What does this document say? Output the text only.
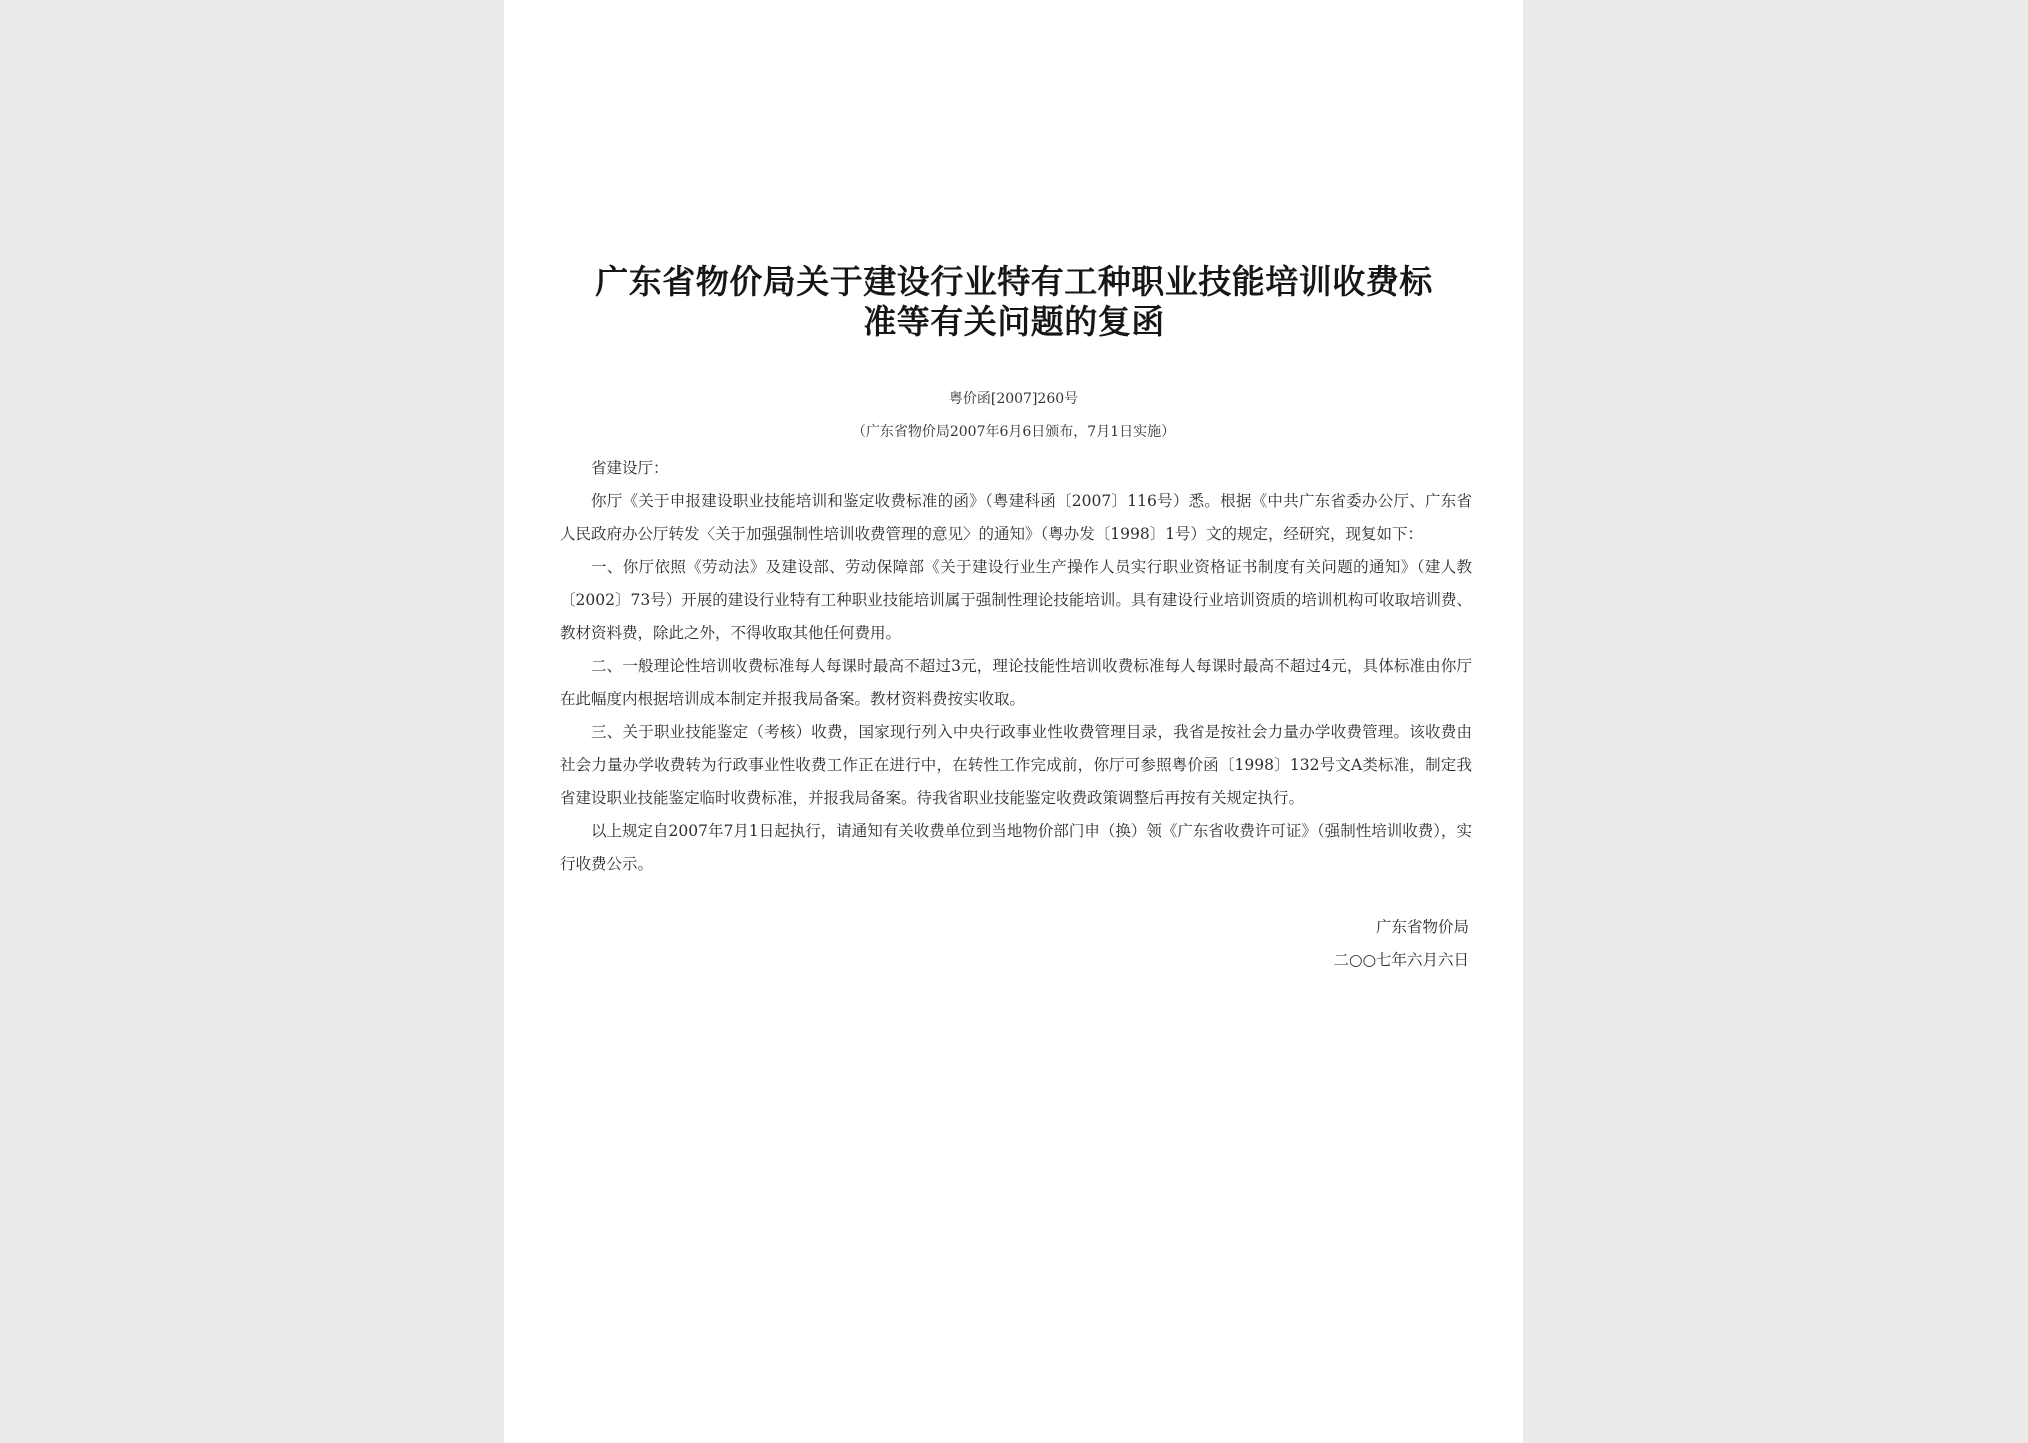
广东省物价局关于建设行业特有工种职业技能培训收费标准等有关问题的复函
粤价函[2007]260号
（广东省物价局2007年6月6日颁布，7月1日实施）

省建设厅：

你厅《关于申报建设职业技能培训和鉴定收费标准的函》（粤建科函〔2007〕116号）悉。根据《中共广东省委办公厅、广东省人民政府办公厅转发〈关于加强强制性培训收费管理的意见〉的通知》（粤办发〔1998〕1号）文的规定，经研究，现复如下：

一、你厅依照《劳动法》及建设部、劳动保障部《关于建设行业生产操作人员实行职业资格证书制度有关问题的通知》（建人教〔2002〕73号）开展的建设行业特有工种职业技能培训属于强制性理论技能培训。具有建设行业培训资质的培训机构可收取培训费、教材资料费，除此之外，不得收取其他任何费用。

二、一般理论性培训收费标准每人每课时最高不超过3元，理论技能性培训收费标准每人每课时最高不超过4元，具体标准由你厅在此幅度内根据培训成本制定并报我局备案。教材资料费按实收取。

三、关于职业技能鉴定（考核）收费，国家现行列入中央行政事业性收费管理目录，我省是按社会力量办学收费管理。该收费由社会力量办学收费转为行政事业性收费工作正在进行中，在转性工作完成前，你厅可参照粤价函〔1998〕132号文A类标准，制定我省建设职业技能鉴定临时收费标准，并报我局备案。待我省职业技能鉴定收费政策调整后再按有关规定执行。

以上规定自2007年7月1日起执行，请通知有关收费单位到当地物价部门申（换）领《广东省收费许可证》（强制性培训收费），实行收费公示。

广东省物价局
二○○七年六月六日
